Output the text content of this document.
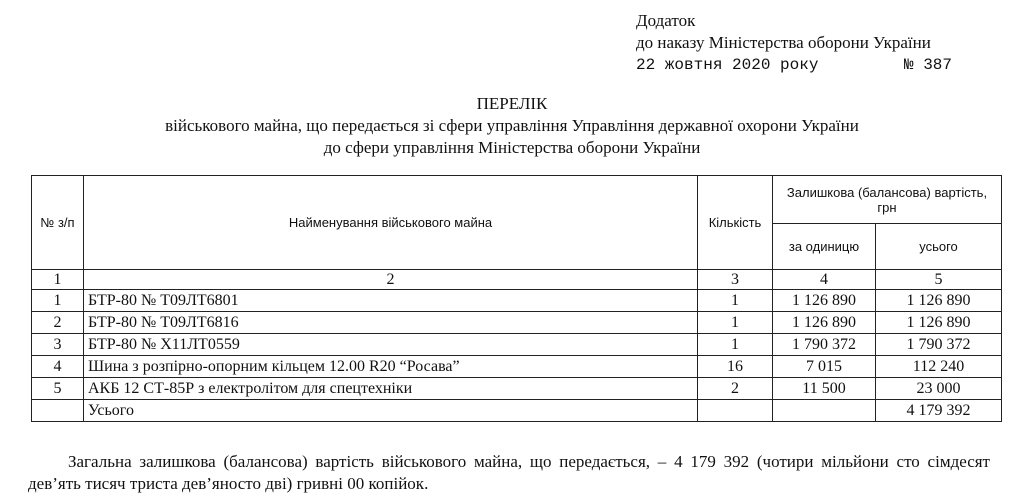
Додаток
до наказу Міністерства оборони України
22 жовтня 2020 року	№ 387
ПЕРЕЛІК
військового майна, що передається зі сфери управління Управління державної охорони України
до сфери управління Міністерства оборони України
№ з/п	Найменування військового майна	Кількість	Залишкова (балансова) вартість, грн	
			за одиницю	усього
1	2	3	4	5
1	БТР-80 № Т09ЛТ6801	1	1 126 890	1 126 890
2	БТР-80 № Т09ЛТ6816	1	1 126 890	1 126 890
3	БТР-80 № Х11ЛТ0559	1	1 790 372	1 790 372
4	Шина з розпірно-опорним кільцем 12.00 R20 “Росава”	16	7 015	112 240
5	АКБ 12 СТ-85Р з електролітом для спецтехніки	2	11 500	23 000
	Усього			4 179 392
Загальна залишкова (балансова) вартість військового майна, що передається, – 4 179 392 (чотири мільйони сто сімдесят дев’ять тисяч триста дев’яносто дві) гривні 00 копійок.
